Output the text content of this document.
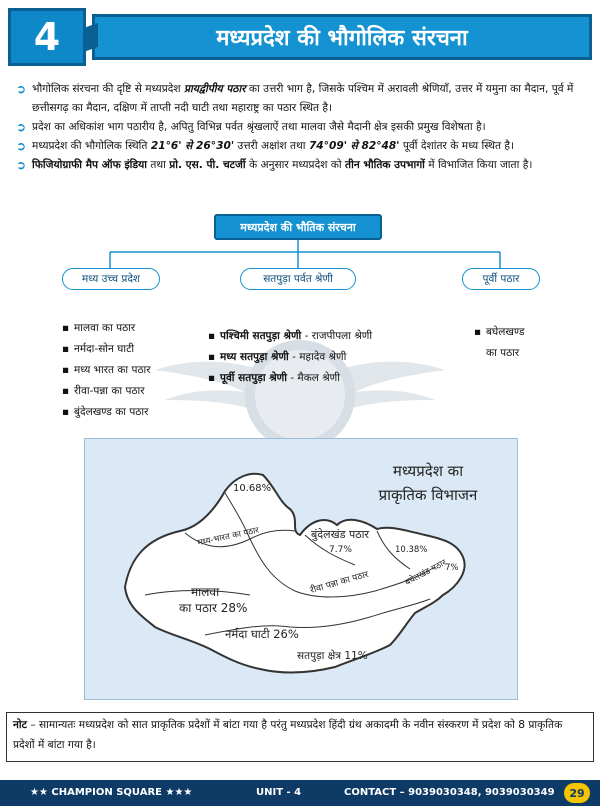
4	मध्यप्रदेश की भौगोलिक संरचना
➲ भौगोलिक संरचना की दृष्टि से मध्यप्रदेश प्रायद्वीपीय पठार का उत्तरी भाग है, जिसके पश्चिम में अरावली श्रेणियाँ, उत्तर में यमुना का मैदान, पूर्व में छत्तीसगढ़ का मैदान, दक्षिण में ताप्ती नदी घाटी तथा महाराष्ट्र का पठार स्थित है।
➲ प्रदेश का अधिकांश भाग पठारीय है, अपितु विभिन्न पर्वत श्रृंखलाऐं तथा मालवा जैसे मैदानी क्षेत्र इसकी प्रमुख विशेषता है।
➲ मध्यप्रदेश की भौगोलिक स्थिति 21°6' से 26°30' उत्तरी अक्षांश तथा 74°09' से 82°48' पूर्वी देशांतर के मध्य स्थित है।
➲ फिजियोग्राफी मैप ऑफ इंडिया तथा प्रो. एस. पी. चटर्जी के अनुसार मध्यप्रदेश को तीन भौतिक उपभागों में विभाजित किया जाता है।
मध्यप्रदेश की भौतिक संरचना
मध्य उच्च प्रदेश	सतपुड़ा पर्वत श्रेणी	पूर्वी पठार
▪ मालवा का पठार
▪ नर्मदा-सोन घाटी
▪ मध्य भारत का पठार
▪ रीवा-पन्ना का पठार
▪ बुंदेलखण्ड का पठार
▪ पश्चिमी सतपुड़ा श्रेणी - राजपीपला श्रेणी
▪ मध्य सतपुड़ा श्रेणी - महादेव श्रेणी
▪ पूर्वी सतपुड़ा श्रेणी - मैकल श्रेणी
▪ बघेलखण्ड
का पठार
मध्यप्रदेश का
प्राकृतिक विभाजन
10.68%
मध्य-भारत का पठार	बुंदेलखंड पठार
7.7%	10.38%
रीवा पन्ना का पठार	बघेलखंड पठार
7%
मालवा
का पठार 28%
नर्मदा घाटी 26%
सतपुड़ा क्षेत्र 11%
नोट – सामान्यतः मध्यप्रदेश को सात प्राकृतिक प्रदेशों में बांटा गया है परंतु मध्यप्रदेश हिंदी ग्रंथ अकादमी के नवीन संस्करण में प्रदेश को 8 प्राकृतिक प्रदेशों में बांटा गया है।
★★ CHAMPION SQUARE ★★★	UNIT - 4	CONTACT – 9039030348, 9039030349	29
